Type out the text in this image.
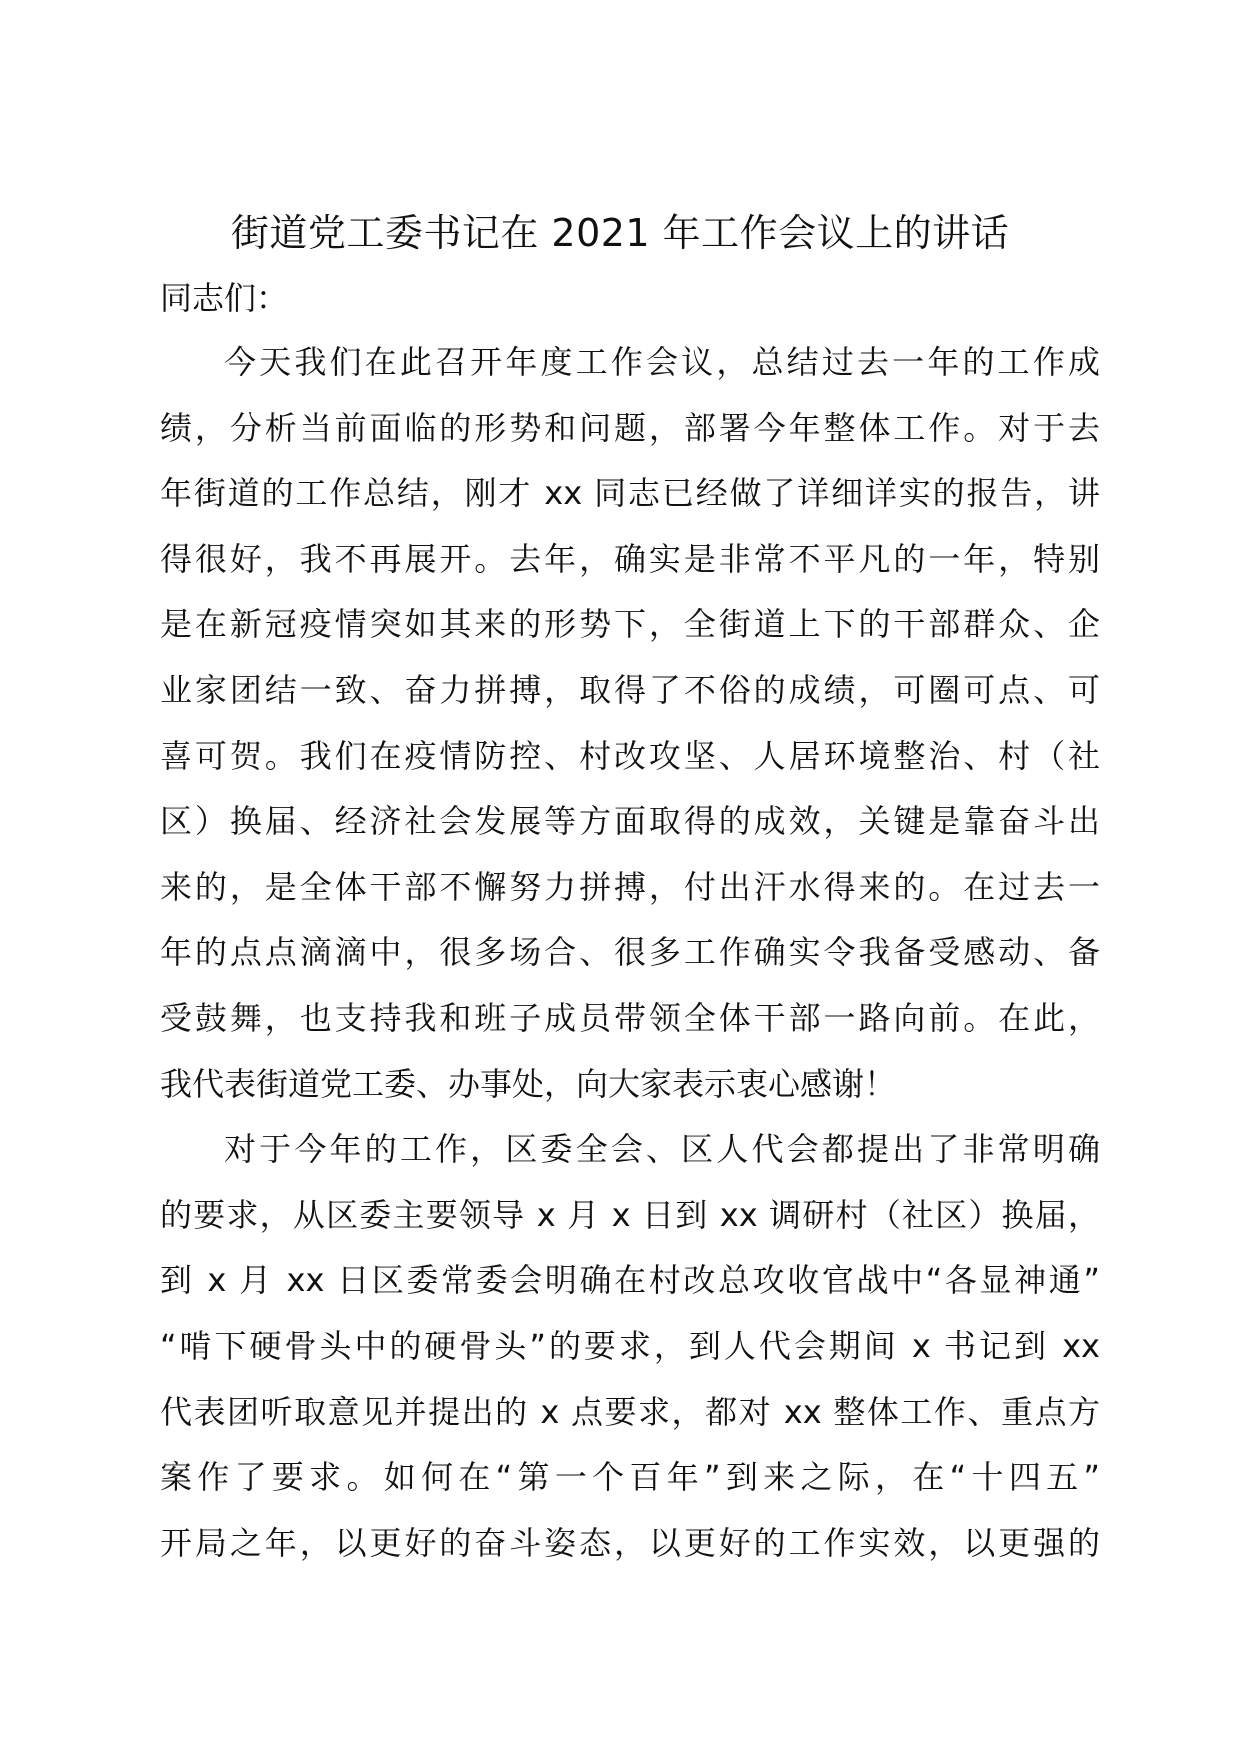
街道党工委书记在 2021 年工作会议上的讲话

同志们：

今天我们在此召开年度工作会议，总结过去一年的工作成
绩，分析当前面临的形势和问题，部署今年整体工作。对于去
年街道的工作总结，刚才 xx 同志已经做了详细详实的报告，讲
得很好，我不再展开。去年，确实是非常不平凡的一年，特别
是在新冠疫情突如其来的形势下，全街道上下的干部群众、企
业家团结一致、奋力拼搏，取得了不俗的成绩，可圈可点、可
喜可贺。我们在疫情防控、村改攻坚、人居环境整治、村（社
区）换届、经济社会发展等方面取得的成效，关键是靠奋斗出
来的，是全体干部不懈努力拼搏，付出汗水得来的。在过去一
年的点点滴滴中，很多场合、很多工作确实令我备受感动、备
受鼓舞，也支持我和班子成员带领全体干部一路向前。在此，
我代表街道党工委、办事处，向大家表示衷心感谢！
对于今年的工作，区委全会、区人代会都提出了非常明确
的要求，从区委主要领导 x 月 x 日到 xx 调研村（社区）换届，
到 x 月 xx 日区委常委会明确在村改总攻收官战中“各显神通”
“啃下硬骨头中的硬骨头”的要求，到人代会期间 x 书记到 xx
代表团听取意见并提出的 x 点要求，都对 xx 整体工作、重点方
案作了要求。如何在“第一个百年”到来之际，在“十四五”
开局之年，以更好的奋斗姿态，以更好的工作实效，以更强的
